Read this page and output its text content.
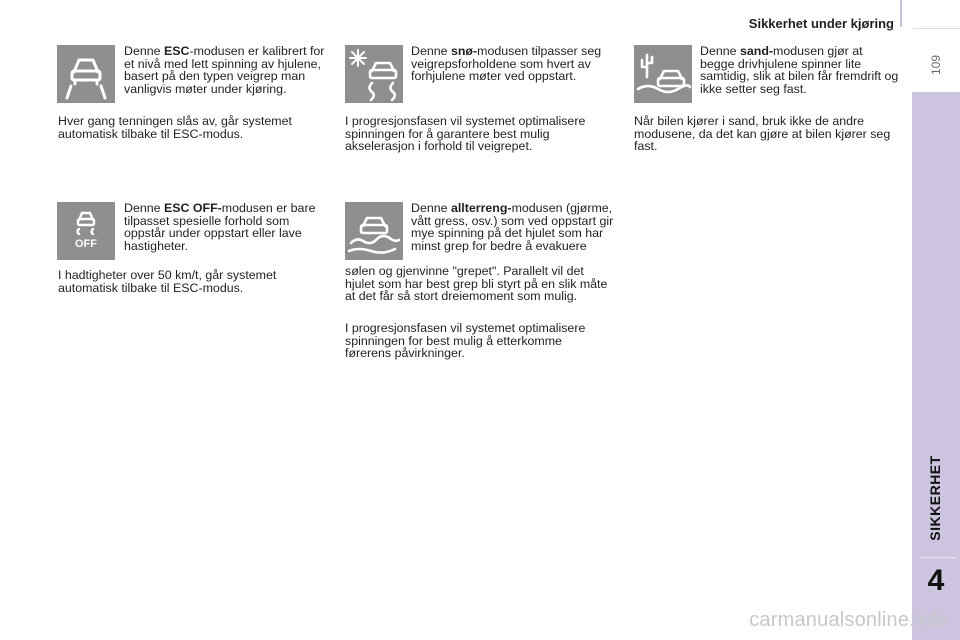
Sikkerhet under kjøring
109
SIKKERHET
4
Denne ESC-modusen er kalibrert for et nivå med lett spinning av hjulene, basert på den typen veigrep man vanligvis møter under kjøring.
Hver gang tenningen slås av, går systemet automatisk tilbake til ESC-modus.
Denne snø-modusen tilpasser seg veigrepsforholdene som hvert av forhjulene møter ved oppstart.
I progresjonsfasen vil systemet optimalisere spinningen for å garantere best mulig akselerasjon i forhold til veigrepet.
Denne sand-modusen gjør at begge drivhjulene spinner lite samtidig, slik at bilen får fremdrift og ikke setter seg fast.
Når bilen kjører i sand, bruk ikke de andre modusene, da det kan gjøre at bilen kjører seg fast.
OFF
Denne ESC OFF-modusen er bare tilpasset spesielle forhold som oppstår under oppstart eller lave hastigheter.
I hadtigheter over 50 km/t, går systemet automatisk tilbake til ESC-modus.
Denne allterreng-modusen (gjørme, vått gress, osv.) som ved oppstart gir mye spinning på det hjulet som har minst grep for bedre å evakuere
sølen og gjenvinne "grepet". Parallelt vil det hjulet som har best grep bli styrt på en slik måte at det får så stort dreiemoment som mulig.
I progresjonsfasen vil systemet optimalisere spinningen for best mulig å etterkomme førerens påvirkninger.
carmanualsonline.info
